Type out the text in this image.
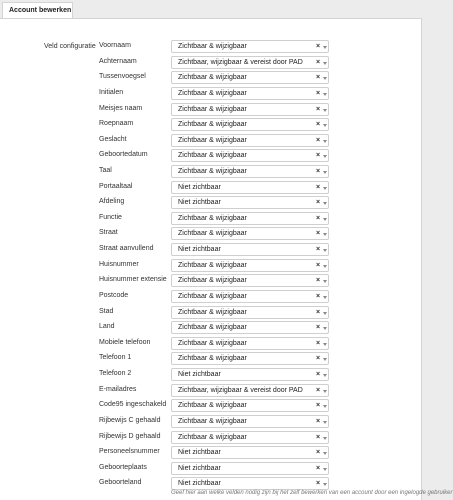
Account bewerken
Veld configuratie Voornaam	Zichtbaar & wijzigbaar	×
Achternaam	Zichtbaar, wijzigbaar & vereist door PAD ×
Tussenvoegsel	Zichtbaar & wijzigbaar	×
Initialen	Zichtbaar & wijzigbaar	×
Meisjes naam	Zichtbaar & wijzigbaar	×
Roepnaam	Zichtbaar & wijzigbaar	×
Geslacht	Zichtbaar & wijzigbaar	×
Geboortedatum	Zichtbaar & wijzigbaar	×
Taal	Zichtbaar & wijzigbaar	×
Portaaltaal	Niet zichtbaar	×
Afdeling	Niet zichtbaar	×
Functie	Zichtbaar & wijzigbaar	×
Straat	Zichtbaar & wijzigbaar	×
Straat aanvullend	Niet zichtbaar	×
Huisnummer	Zichtbaar & wijzigbaar	×
Huisnummer extensie Zichtbaar & wijzigbaar	×
Postcode	Zichtbaar & wijzigbaar	×
Stad	Zichtbaar & wijzigbaar	×
Land	Zichtbaar & wijzigbaar	×
Mobiele telefoon	Zichtbaar & wijzigbaar	×
Telefoon 1	Zichtbaar & wijzigbaar	×
Telefoon 2	Niet zichtbaar	×
E-mailadres	Zichtbaar, wijzigbaar & vereist door PAD ×
Code95 ingeschakeld Zichtbaar & wijzigbaar	×
Rijbewijs C gehaald	Zichtbaar & wijzigbaar	×
Rijbewijs D gehaald	Zichtbaar & wijzigbaar	×
Personeelsnummer	Niet zichtbaar	×
Geboorteplaats	Niet zichtbaar	×
Geboorteland	Niet zichtbaar	×
Geef hier aan welke velden nodig zijn bij het zelf bewerken van een account door een ingelogde gebruiker
